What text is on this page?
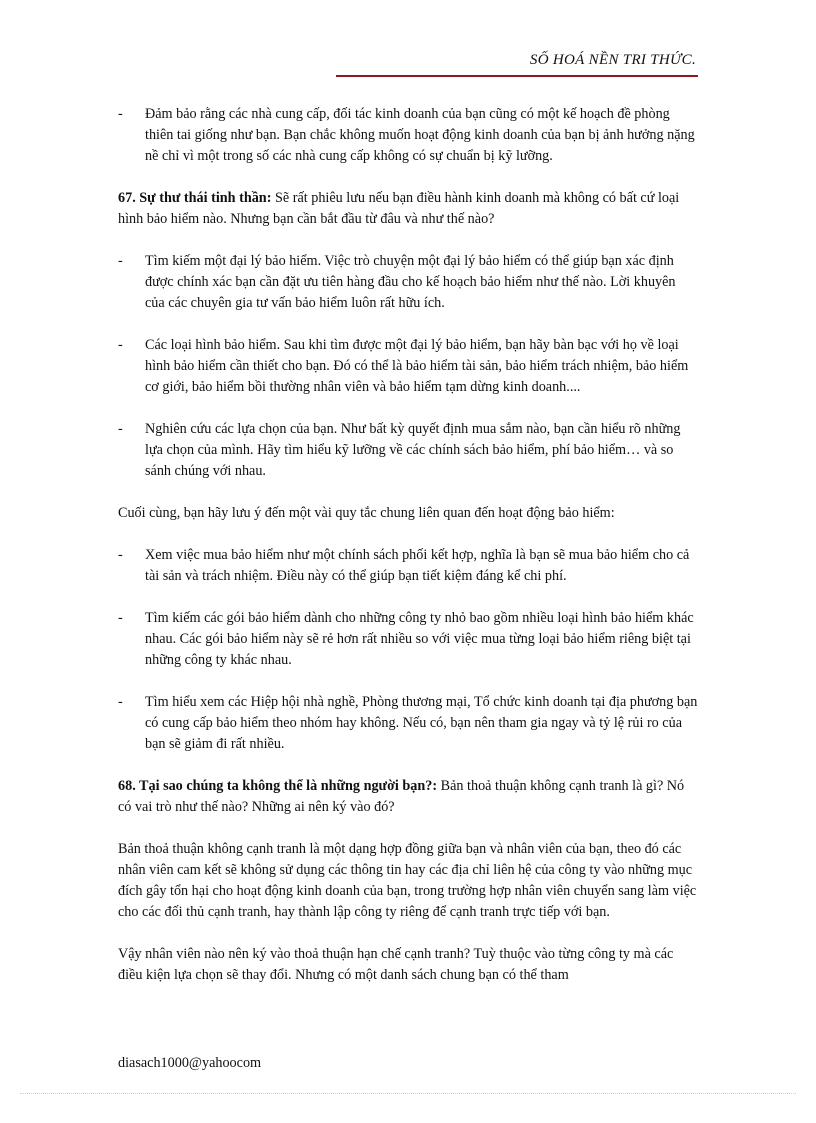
SỐ HOÁ NỀN TRI THỨC.
-	Đảm bảo rằng các nhà cung cấp, đối tác kinh doanh của bạn cũng có một kế hoạch đề phòng thiên tai giống như bạn. Bạn chắc không muốn hoạt động kinh doanh của bạn bị ảnh hưởng nặng nề chỉ vì một trong số các nhà cung cấp không có sự chuẩn bị kỹ lưỡng.

67. Sự thư thái tinh thần: Sẽ rất phiêu lưu nếu bạn điều hành kinh doanh mà không có bất cứ loại hình bảo hiểm nào. Nhưng bạn cần bắt đầu từ đâu và như thế nào?

-	Tìm kiếm một đại lý bảo hiểm. Việc trò chuyện một đại lý bảo hiểm có thể giúp bạn xác định được chính xác bạn cần đặt ưu tiên hàng đầu cho kế hoạch bảo hiểm như thế nào. Lời khuyên của các chuyên gia tư vấn bảo hiểm luôn rất hữu ích.
-	Các loại hình bảo hiểm. Sau khi tìm được một đại lý bảo hiểm, bạn hãy bàn bạc với họ về loại hình bảo hiểm cần thiết cho bạn. Đó có thể là bảo hiểm tài sản, bảo hiểm trách nhiệm, bảo hiểm cơ giới, bảo hiểm bồi thường nhân viên và bảo hiểm tạm dừng kinh doanh....
-	Nghiên cứu các lựa chọn của bạn. Như bất kỳ quyết định mua sắm nào, bạn cần hiểu rõ những lựa chọn của mình. Hãy tìm hiểu kỹ lưỡng về các chính sách bảo hiểm, phí bảo hiểm… và so sánh chúng với nhau.

Cuối cùng, bạn hãy lưu ý đến một vài quy tắc chung liên quan đến hoạt động bảo hiểm:

-	Xem việc mua bảo hiểm như một chính sách phối kết hợp, nghĩa là bạn sẽ mua bảo hiểm cho cả tài sản và trách nhiệm. Điều này có thể giúp bạn tiết kiệm đáng kể chi phí.
-	Tìm kiếm các gói bảo hiểm dành cho những công ty nhỏ bao gồm nhiều loại hình bảo hiểm khác nhau. Các gói bảo hiểm này sẽ rẻ hơn rất nhiều so với việc mua từng loại bảo hiểm riêng biệt tại những công ty khác nhau.
-	Tìm hiểu xem các Hiệp hội nhà nghề, Phòng thương mại, Tổ chức kinh doanh tại địa phương bạn có cung cấp bảo hiểm theo nhóm hay không. Nếu có, bạn nên tham gia ngay và tỷ lệ rủi ro của bạn sẽ giảm đi rất nhiều.

68. Tại sao chúng ta không thể là những người bạn?: Bản thoả thuận không cạnh tranh là gì? Nó có vai trò như thế nào? Những ai nên ký vào đó?

Bản thoả thuận không cạnh tranh là một dạng hợp đồng giữa bạn và nhân viên của bạn, theo đó các nhân viên cam kết sẽ không sử dụng các thông tin hay các địa chỉ liên hệ của công ty vào những mục đích gây tổn hại cho hoạt động kinh doanh của bạn, trong trường hợp nhân viên chuyển sang làm việc cho các đối thủ cạnh tranh, hay thành lập công ty riêng để cạnh tranh trực tiếp với bạn.

Vậy nhân viên nào nên ký vào thoả thuận hạn chế cạnh tranh? Tuỳ thuộc vào từng công ty mà các điều kiện lựa chọn sẽ thay đổi. Nhưng có một danh sách chung bạn có thể tham

diasach1000@yahoocom
